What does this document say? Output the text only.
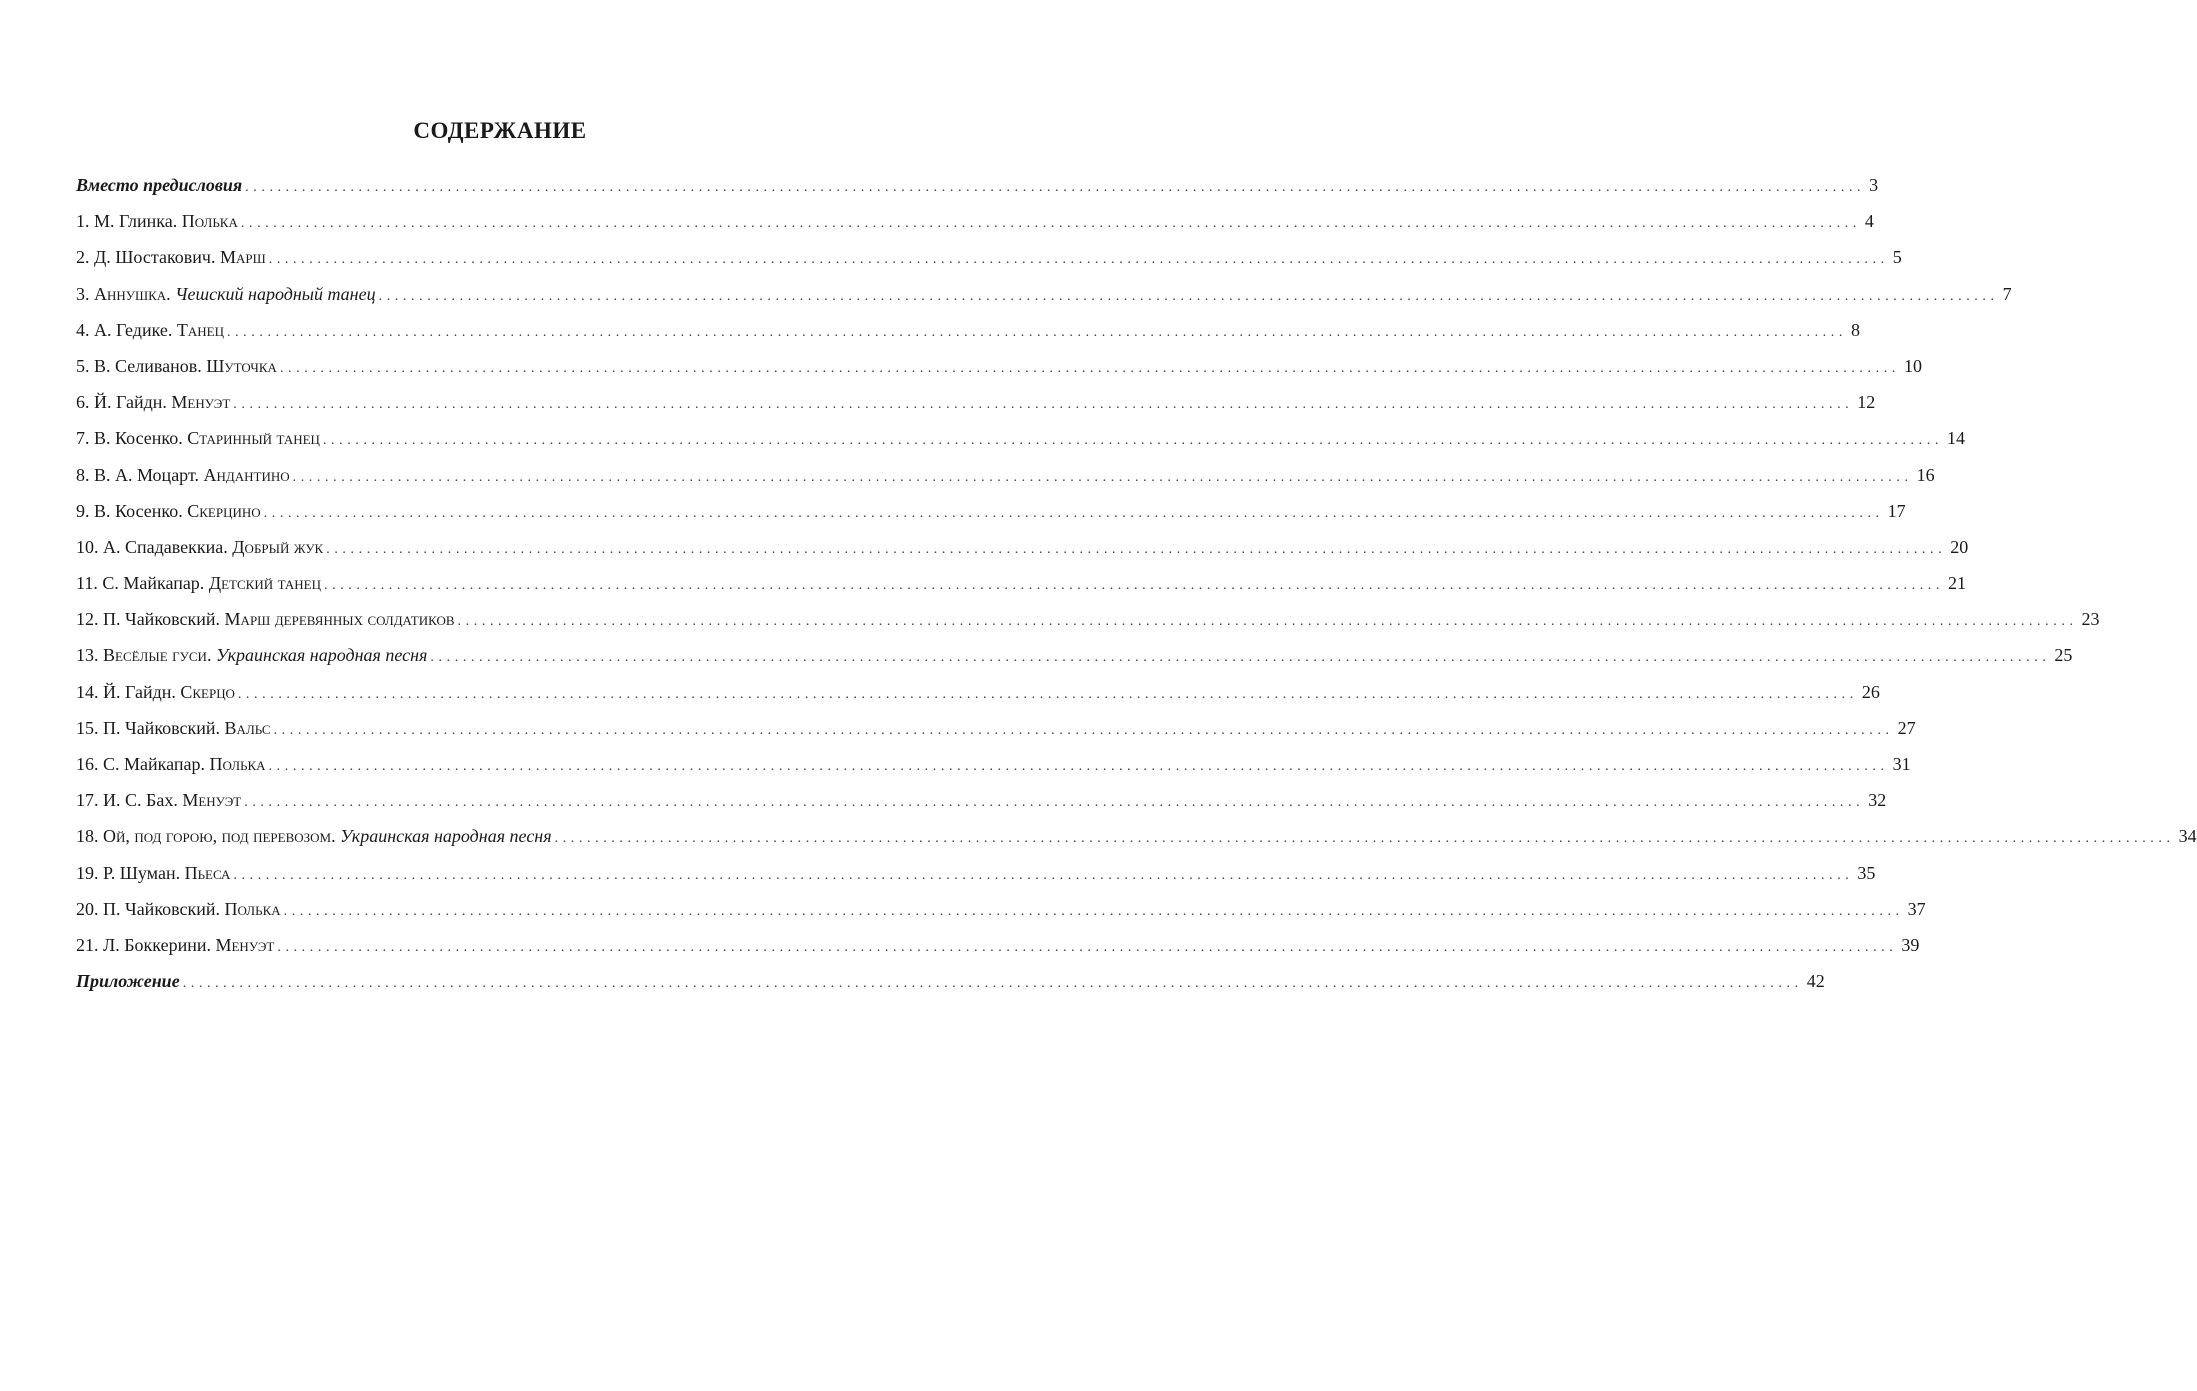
СОДЕРЖАНИЕ
Вместо предисловия ........................................................................................................................................................................................................ 3
1. М. Глинка. Полька ........................................................................................................................................................................................................ 4
2. Д. Шостакович. Марш ........................................................................................................................................................................................................ 5
3. Аннушка. Чешский народный танец ........................................................................................................................................................................................................ 7
4. А. Гедике. Танец ........................................................................................................................................................................................................ 8
5. В. Селиванов. Шуточка ........................................................................................................................................................................................................ 10
6. Й. Гайдн. Менуэт ........................................................................................................................................................................................................ 12
7. В. Косенко. Старинный танец ........................................................................................................................................................................................................ 14
8. В. А. Моцарт. Андантино ........................................................................................................................................................................................................ 16
9. В. Косенко. Скерцино ........................................................................................................................................................................................................ 17
10. А. Спадавеккиа. Добрый жук ........................................................................................................................................................................................................ 20
11. С. Майкапар. Детский танец ........................................................................................................................................................................................................ 21
12. П. Чайковский. Марш деревянных солдатиков ........................................................................................................................................................................................................ 23
13. Весёлые гуси. Украинская народная песня ........................................................................................................................................................................................................ 25
14. Й. Гайдн. Скерцо ........................................................................................................................................................................................................ 26
15. П. Чайковский. Вальс ........................................................................................................................................................................................................ 27
16. С. Майкапар. Полька ........................................................................................................................................................................................................ 31
17. И. С. Бах. Менуэт ........................................................................................................................................................................................................ 32
18. Ой, под горою, под перевозом. Украинская народная песня ........................................................................................................................................................................................................ 34
19. Р. Шуман. Пьеса ........................................................................................................................................................................................................ 35
20. П. Чайковский. Полька ........................................................................................................................................................................................................ 37
21. Л. Боккерини. Менуэт ........................................................................................................................................................................................................ 39
Приложение ........................................................................................................................................................................................................ 42
